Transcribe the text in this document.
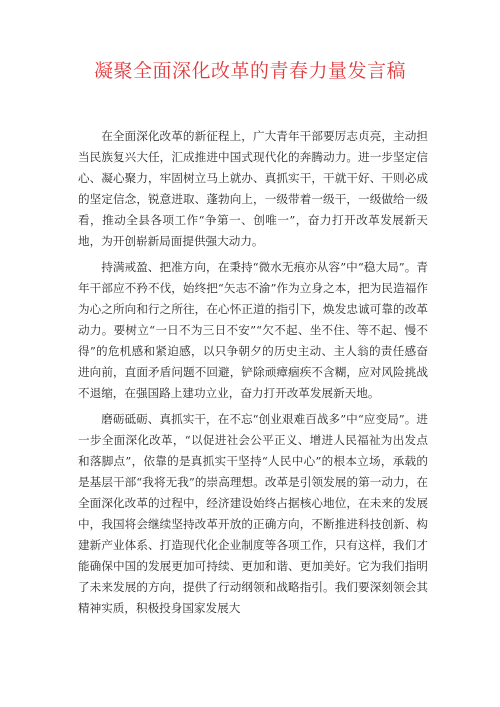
凝聚全面深化改革的青春力量发言稿

在全面深化改革的新征程上，广大青年干部要厉志贞亮，主动担当民族复兴大任，汇成推进中国式现代化的奔腾动力。进一步坚定信心、凝心聚力，牢固树立马上就办、真抓实干，干就干好、干则必成的坚定信念，锐意进取、蓬勃向上，一级带着一级干，一级做给一级看，推动全县各项工作“争第一、创唯一”，奋力打开改革发展新天地，为开创崭新局面提供强大动力。

持满戒盈、把准方向，在秉持“微水无痕亦从容”中“稳大局”。青年干部应不矜不伐，始终把“矢志不渝”作为立身之本，把为民造福作为心之所向和行之所往，在心怀正道的指引下，焕发忠诚可靠的改革动力。要树立“一日不为三日不安”“欠不起、坐不住、等不起、慢不得”的危机感和紧迫感，以只争朝夕的历史主动、主人翁的责任感奋进向前，直面矛盾问题不回避，铲除顽瘴痼疾不含糊，应对风险挑战不退缩，在强国路上建功立业，奋力打开改革发展新天地。

磨砺砥砺、真抓实干，在不忘“创业艰难百战多”中“应变局”。进一步全面深化改革，“以促进社会公平正义、增进人民福祉为出发点和落脚点”，依靠的是真抓实干坚持“人民中心”的根本立场，承载的是基层干部“我将无我”的崇高理想。改革是引领发展的第一动力，在全面深化改革的过程中，经济建设始终占据核心地位，在未来的发展中，我国将会继续坚持改革开放的正确方向，不断推进科技创新、构建新产业体系、打造现代化企业制度等各项工作，只有这样，我们才能确保中国的发展更加可持续、更加和谐、更加美好。它为我们指明了未来发展的方向，提供了行动纲领和战略指引。我们要深刻领会其精神实质，积极投身国家发展大
